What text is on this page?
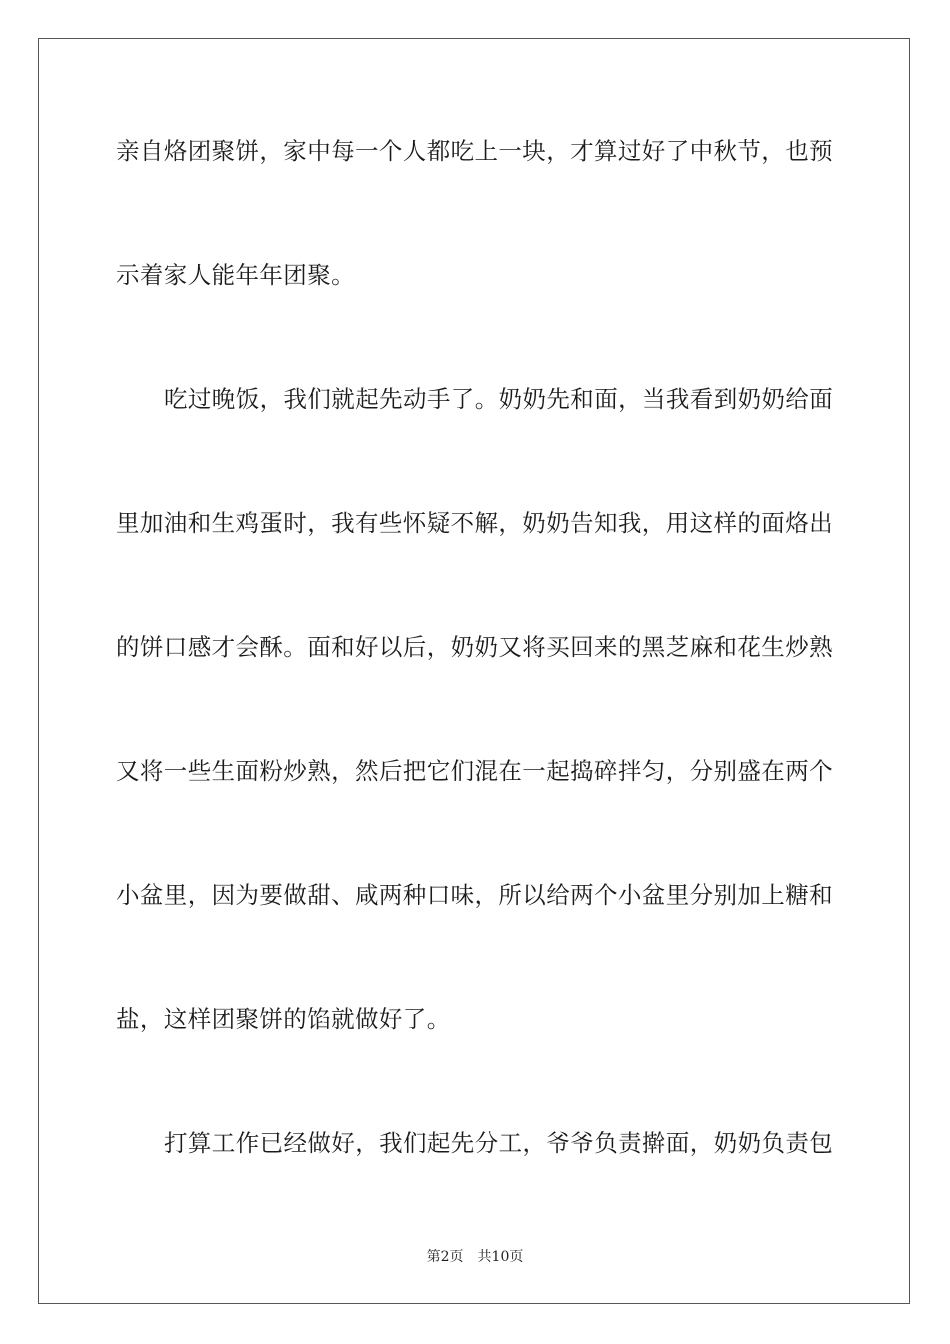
亲自烙团聚饼，家中每一个人都吃上一块，才算过好了中秋节，也预
示着家人能年年团聚。
吃过晚饭，我们就起先动手了。奶奶先和面，当我看到奶奶给面
里加油和生鸡蛋时，我有些怀疑不解，奶奶告知我，用这样的面烙出
的饼口感才会酥。面和好以后，奶奶又将买回来的黑芝麻和花生炒熟
又将一些生面粉炒熟，然后把它们混在一起捣碎拌匀，分别盛在两个
小盆里，因为要做甜、咸两种口味，所以给两个小盆里分别加上糖和
盐，这样团聚饼的馅就做好了。
打算工作已经做好，我们起先分工，爷爷负责擀面，奶奶负责包
第2页 共10页
